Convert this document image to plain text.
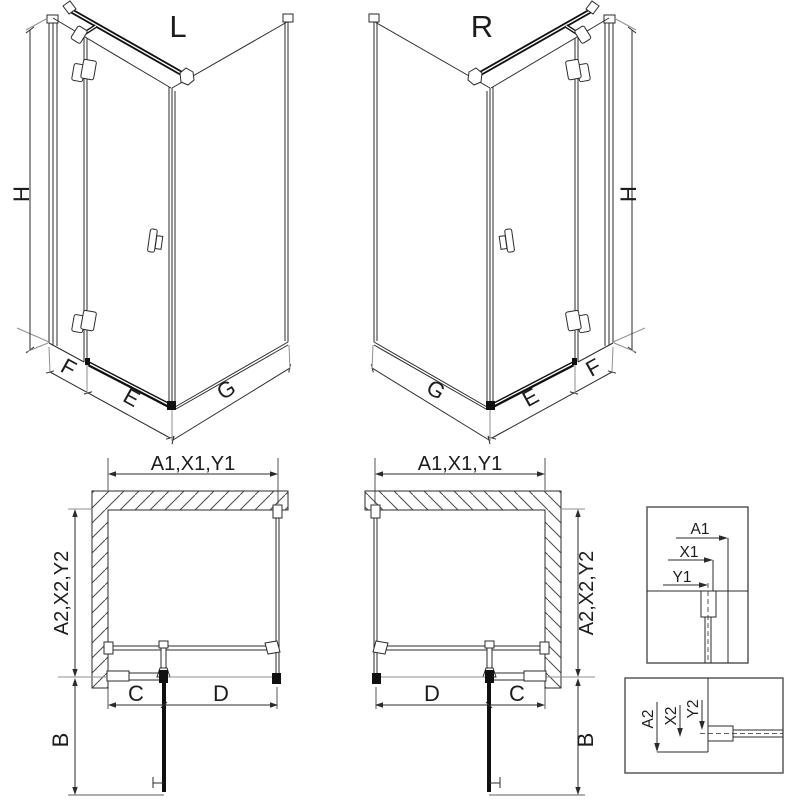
A1
X1
Y1
A2 X2 Y2
L
H
F
E	G
R
H
F
E
G
A1,X1,Y1
A2,X2,Y2
C	D
B
A1,X1,Y1
A2,X2,Y2
D	C
B
